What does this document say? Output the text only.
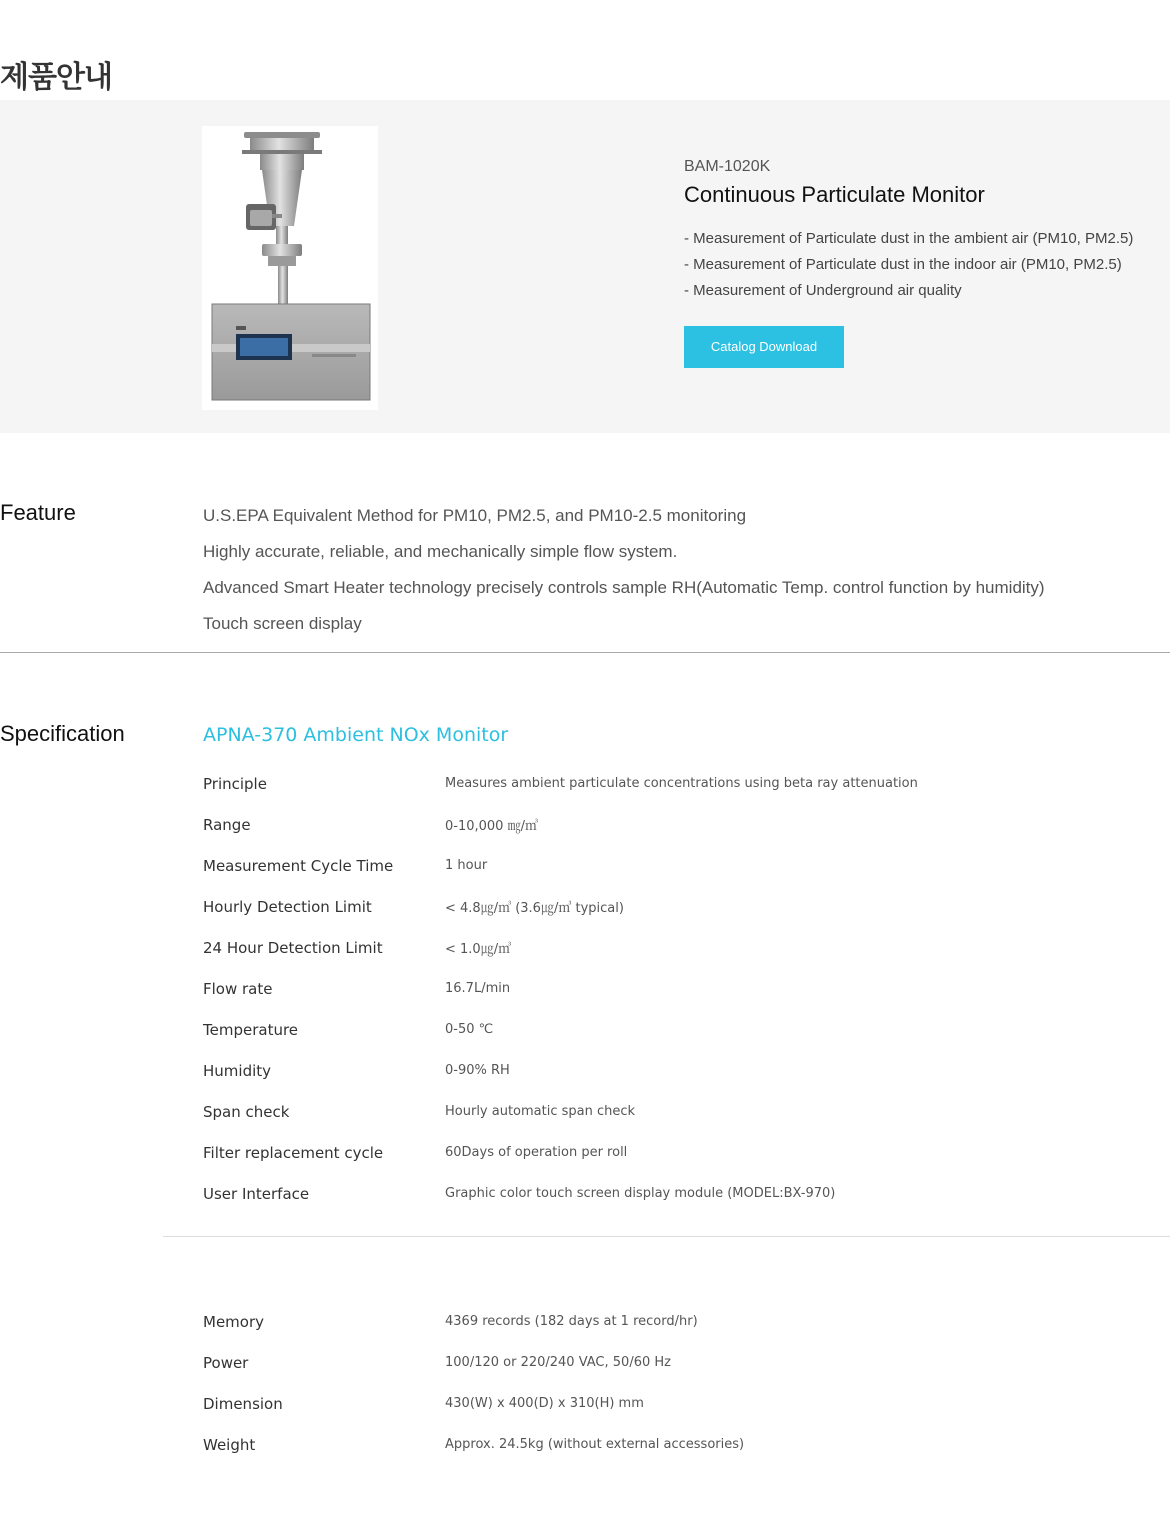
제품안내
BAM-1020K
Continuous Particulate Monitor
- Measurement of Particulate dust in the ambient air (PM10, PM2.5)
- Measurement of Particulate dust in the indoor air (PM10, PM2.5)
- Measurement of Underground air quality
Catalog Download
Feature	U.S.EPA Equivalent Method for PM10, PM2.5, and PM10-2.5 monitoring
Highly accurate, reliable, and mechanically simple flow system.
Advanced Smart Heater technology precisely controls sample RH(Automatic Temp. control function by humidity)
Touch screen display
Specification	APNA-370 Ambient NOx Monitor
Principle	Measures ambient particulate concentrations using beta ray attenuation
Range	0-10,000 ㎎/㎥
Measurement Cycle Time	1 hour
Hourly Detection Limit	< 4.8㎍/㎥ (3.6㎍/㎥ typical)
24 Hour Detection Limit	< 1.0㎍/㎥
Flow rate	16.7L/min
Temperature	0-50 ℃
Humidity	0-90% RH
Span check	Hourly automatic span check
Filter replacement cycle	60Days of operation per roll
User Interface	Graphic color touch screen display module (MODEL:BX-970)
Memory	4369 records (182 days at 1 record/hr)
Power	100/120 or 220/240 VAC, 50/60 Hz
Dimension	430(W) x 400(D) x 310(H) mm
Weight	Approx. 24.5kg (without external accessories)
